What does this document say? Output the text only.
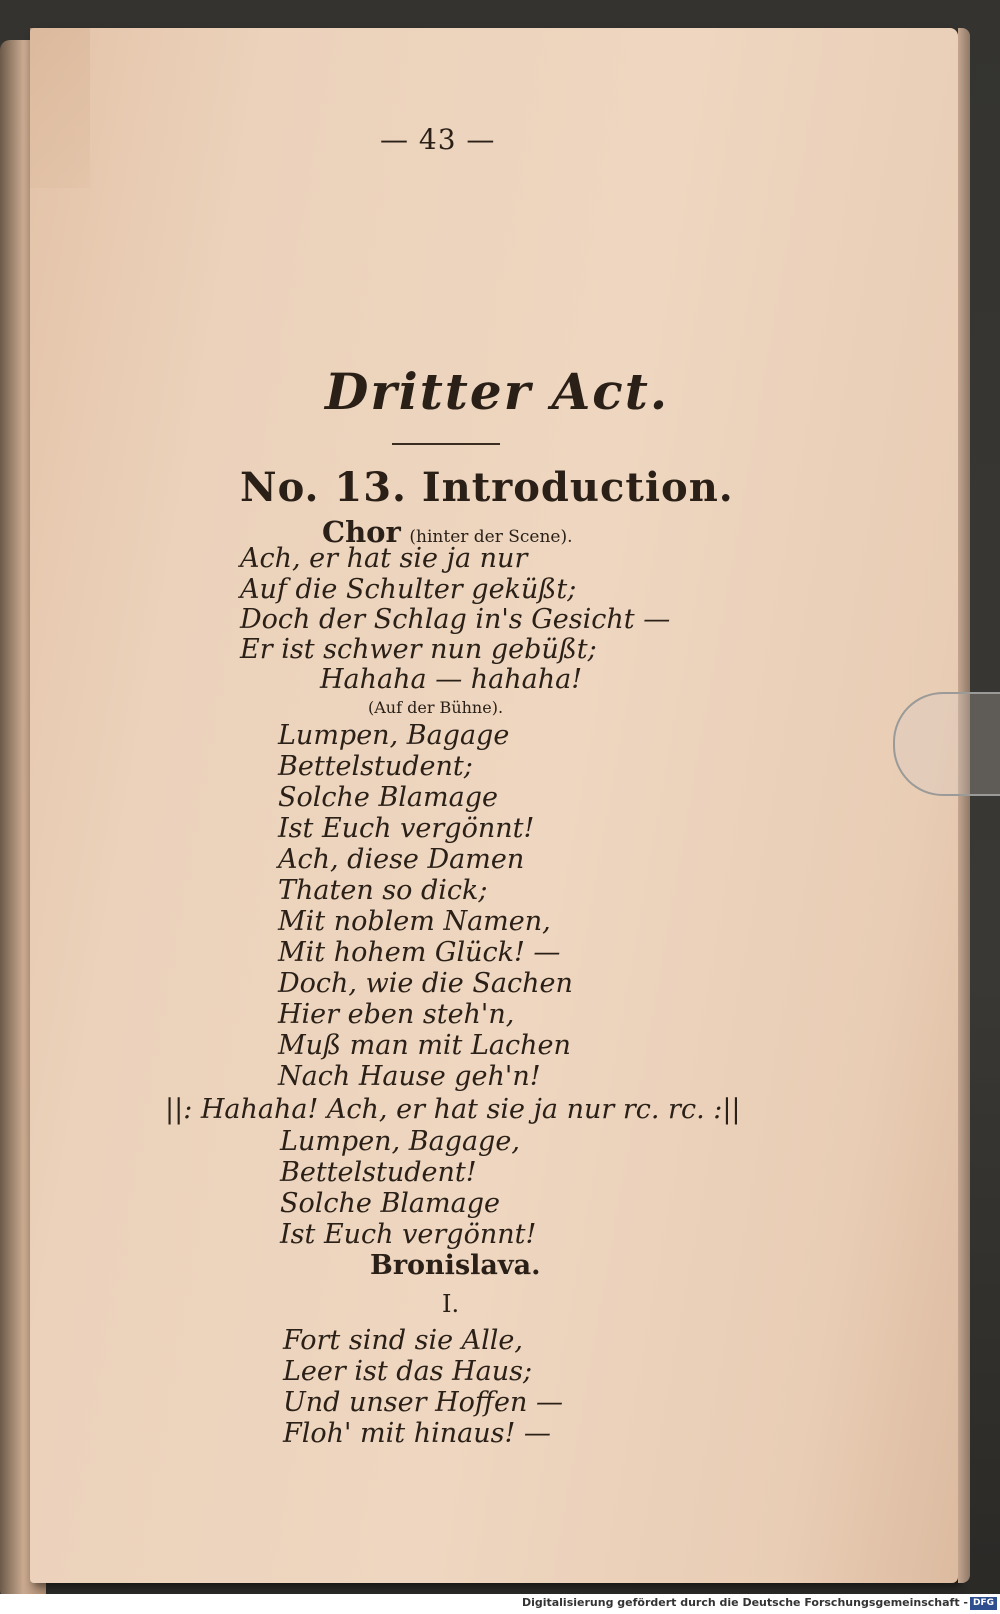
— 43 —
Dritter Act.
No. 13. Introduction.
Chor (hinter der Scene).
Ach, er hat sie ja nur
Auf die Schulter geküßt;
Doch der Schlag in's Gesicht —
Er ist schwer nun gebüßt;
Hahaha — hahaha!
(Auf der Bühne).
Lumpen, Bagage
Bettelstudent;
Solche Blamage
Ist Euch vergönnt!
Ach, diese Damen
Thaten so dick;
Mit noblem Namen,
Mit hohem Glück! —
Doch, wie die Sachen
Hier eben steh'n,
Muß man mit Lachen
Nach Hause geh'n!
||: Hahaha! Ach, er hat sie ja nur rc. rc. :||
Lumpen, Bagage,
Bettelstudent!
Solche Blamage
Ist Euch vergönnt!
Bronislava.
I.
Fort sind sie Alle,
Leer ist das Haus;
Und unser Hoffen —
Floh' mit hinaus! —
Digitalisierung gefördert durch die Deutsche Forschungsgemeinschaft - DFG
